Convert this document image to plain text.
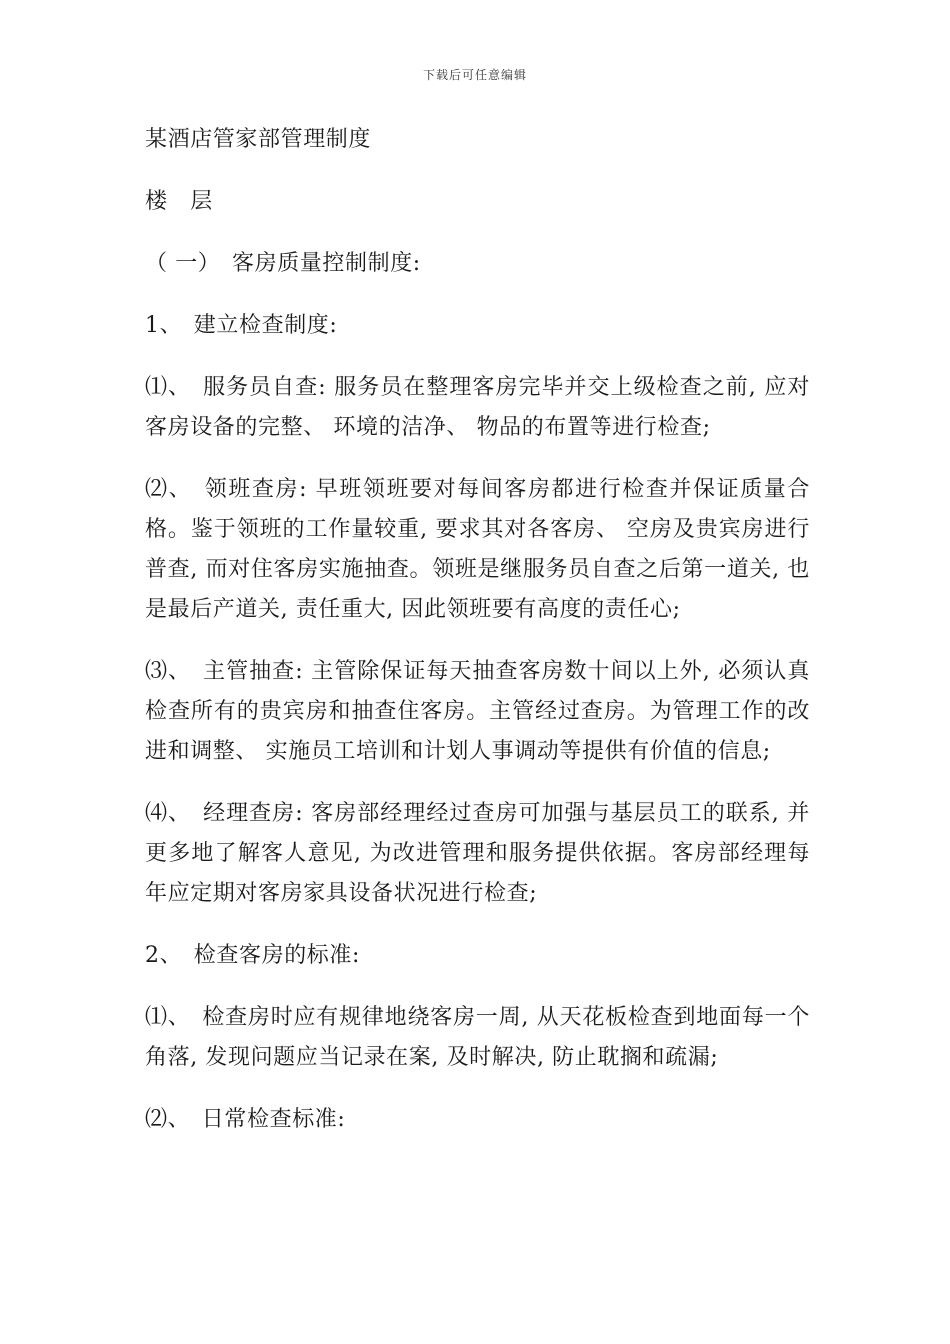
下载后可任意编辑

某酒店管家部管理制度

楼　层

（ 一）　客房质量控制制度:

1、　建立检查制度:

⑴、　服务员自查: 服务员在整理客房完毕并交上级检查之前, 应对客房设备的完整、 环境的洁净、 物品的布置等进行检查;

⑵、　领班查房: 早班领班要对每间客房都进行检查并保证质量合格。鉴于领班的工作量较重, 要求其对各客房、 空房及贵宾房进行普查, 而对住客房实施抽查。领班是继服务员自查之后第一道关, 也是最后产道关, 责任重大, 因此领班要有高度的责任心;

⑶、　主管抽查: 主管除保证每天抽查客房数十间以上外, 必须认真检查所有的贵宾房和抽查住客房。主管经过查房。为管理工作的改进和调整、 实施员工培训和计划人事调动等提供有价值的信息;

⑷、　经理查房: 客房部经理经过查房可加强与基层员工的联系, 并更多地了解客人意见, 为改进管理和服务提供依据。客房部经理每年应定期对客房家具设备状况进行检查;

2、　检查客房的标准:

⑴、　检查房时应有规律地绕客房一周, 从天花板检查到地面每一个角落, 发现问题应当记录在案, 及时解决, 防止耽搁和疏漏;

⑵、　日常检查标准:
